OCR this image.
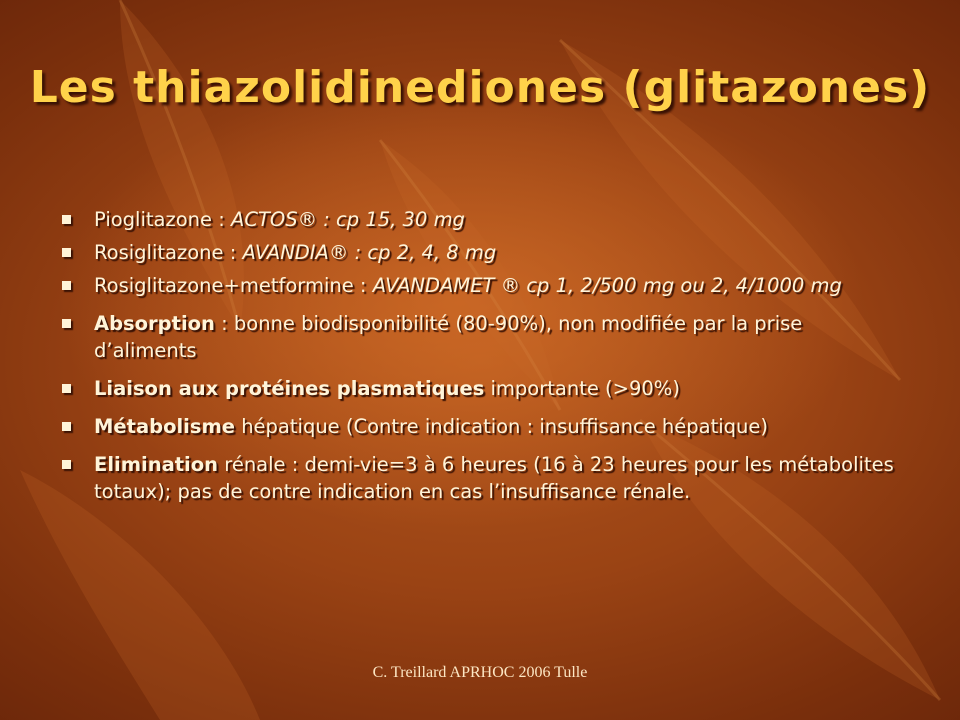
Les thiazolidinediones (glitazones)
Pioglitazone : ACTOS® : cp 15, 30 mg
Rosiglitazone : AVANDIA® : cp 2, 4, 8 mg
Rosiglitazone+metformine : AVANDAMET ® cp 1, 2/500 mg ou 2, 4/1000 mg
Absorption : bonne biodisponibilité (80-90%), non modifiée par la prise d’aliments
Liaison aux protéines plasmatiques importante (>90%)
Métabolisme hépatique (Contre indication : insuffisance hépatique)
Elimination rénale : demi-vie=3 à 6 heures (16 à 23 heures pour les métabolites totaux); pas de contre indication en cas l’insuffisance rénale.
C. Treillard APRHOC 2006 Tulle
